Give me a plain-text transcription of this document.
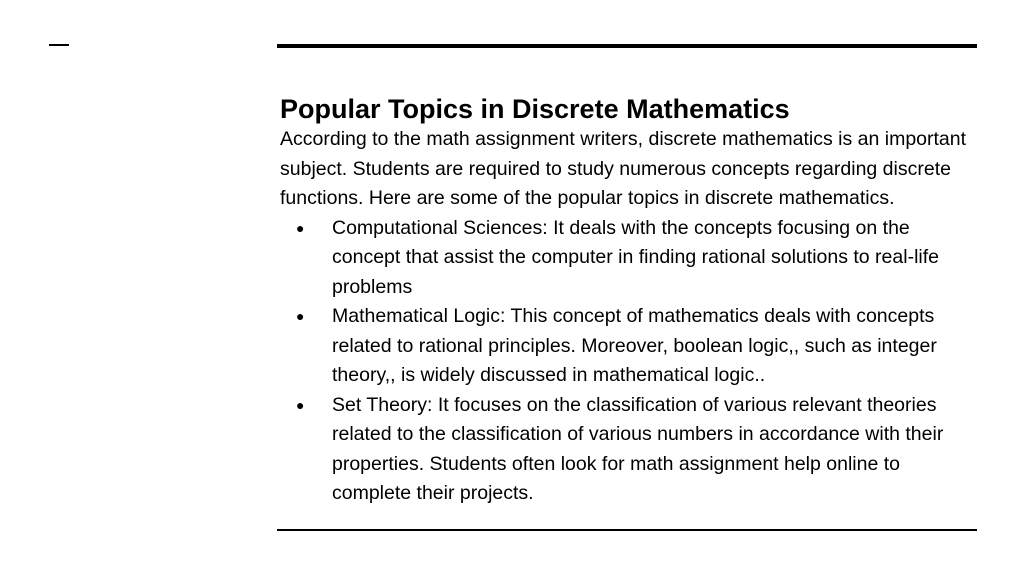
Popular Topics in Discrete Mathematics

According to the math assignment writers, discrete mathematics is an important subject. Students are required to study numerous concepts regarding discrete functions. Here are some of the popular topics in discrete mathematics.

● Computational Sciences: It deals with the concepts focusing on the concept that assist the computer in finding rational solutions to real-life problems
● Mathematical Logic: This concept of mathematics deals with concepts related to rational principles. Moreover, boolean logic,, such as integer theory,, is widely discussed in mathematical logic..
● Set Theory: It focuses on the classification of various relevant theories related to the classification of various numbers in accordance with their properties. Students often look for math assignment help online to complete their projects.
